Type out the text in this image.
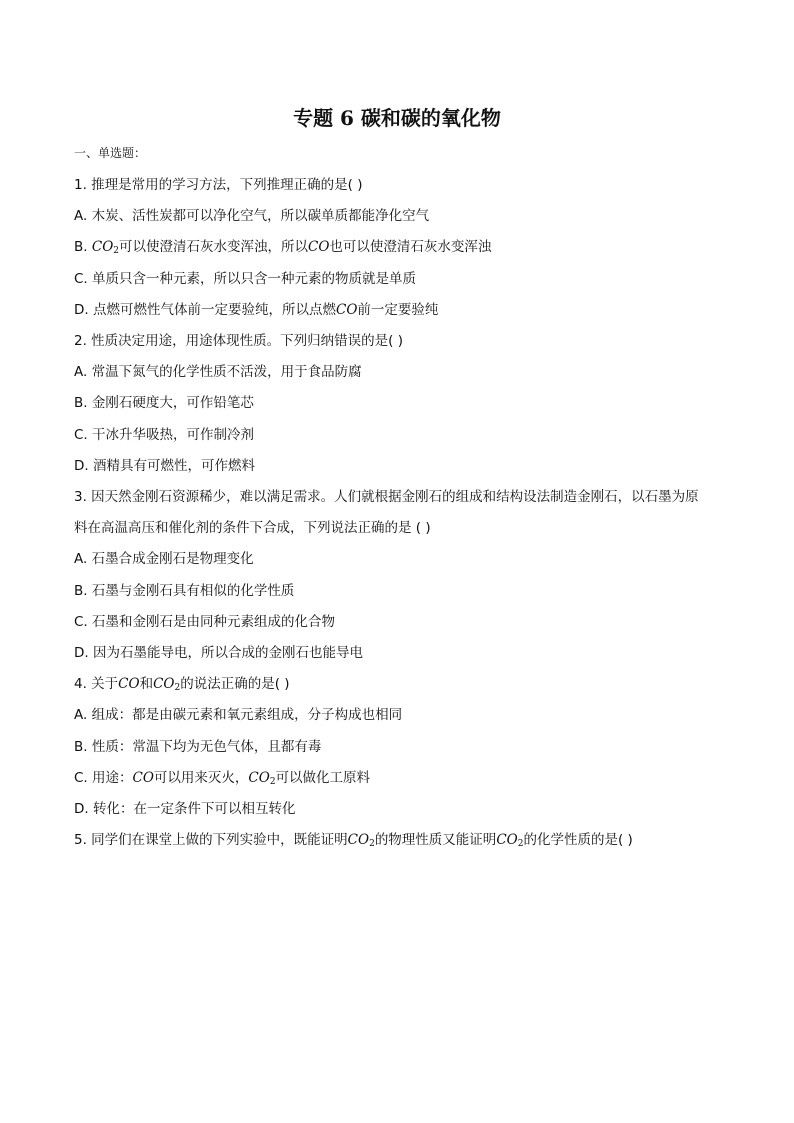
专题 6 碳和碳的氧化物
一、单选题：
1. 推理是常用的学习方法，下列推理正确的是( )
A. 木炭、活性炭都可以净化空气，所以碳单质都能净化空气
B. $CO_2$可以使澄清石灰水变浑浊，所以CO也可以使澄清石灰水变浑浊
C. 单质只含一种元素，所以只含一种元素的物质就是单质
D. 点燃可燃性气体前一定要验纯，所以点燃CO前一定要验纯
2. 性质决定用途，用途体现性质。下列归纳错误的是( )
A. 常温下氮气的化学性质不活泼，用于食品防腐
B. 金刚石硬度大，可作铅笔芯
C. 干冰升华吸热，可作制冷剂
D. 酒精具有可燃性，可作燃料
3. 因天然金刚石资源稀少，难以满足需求。人们就根据金刚石的组成和结构设法制造金刚石，以石墨为原
料在高温高压和催化剂的条件下合成，下列说法正确的是 ( )
A. 石墨合成金刚石是物理变化
B. 石墨与金刚石具有相似的化学性质
C. 石墨和金刚石是由同种元素组成的化合物
D. 因为石墨能导电，所以合成的金刚石也能导电
4. 关于CO和$CO_2$的说法正确的是( )
A. 组成：都是由碳元素和氧元素组成，分子构成也相同
B. 性质：常温下均为无色气体，且都有毒
C. 用途：CO可以用来灭火，$CO_2$可以做化工原料
D. 转化：在一定条件下可以相互转化
5. 同学们在课堂上做的下列实验中，既能证明$CO_2$的物理性质又能证明$CO_2$的化学性质的是( )
